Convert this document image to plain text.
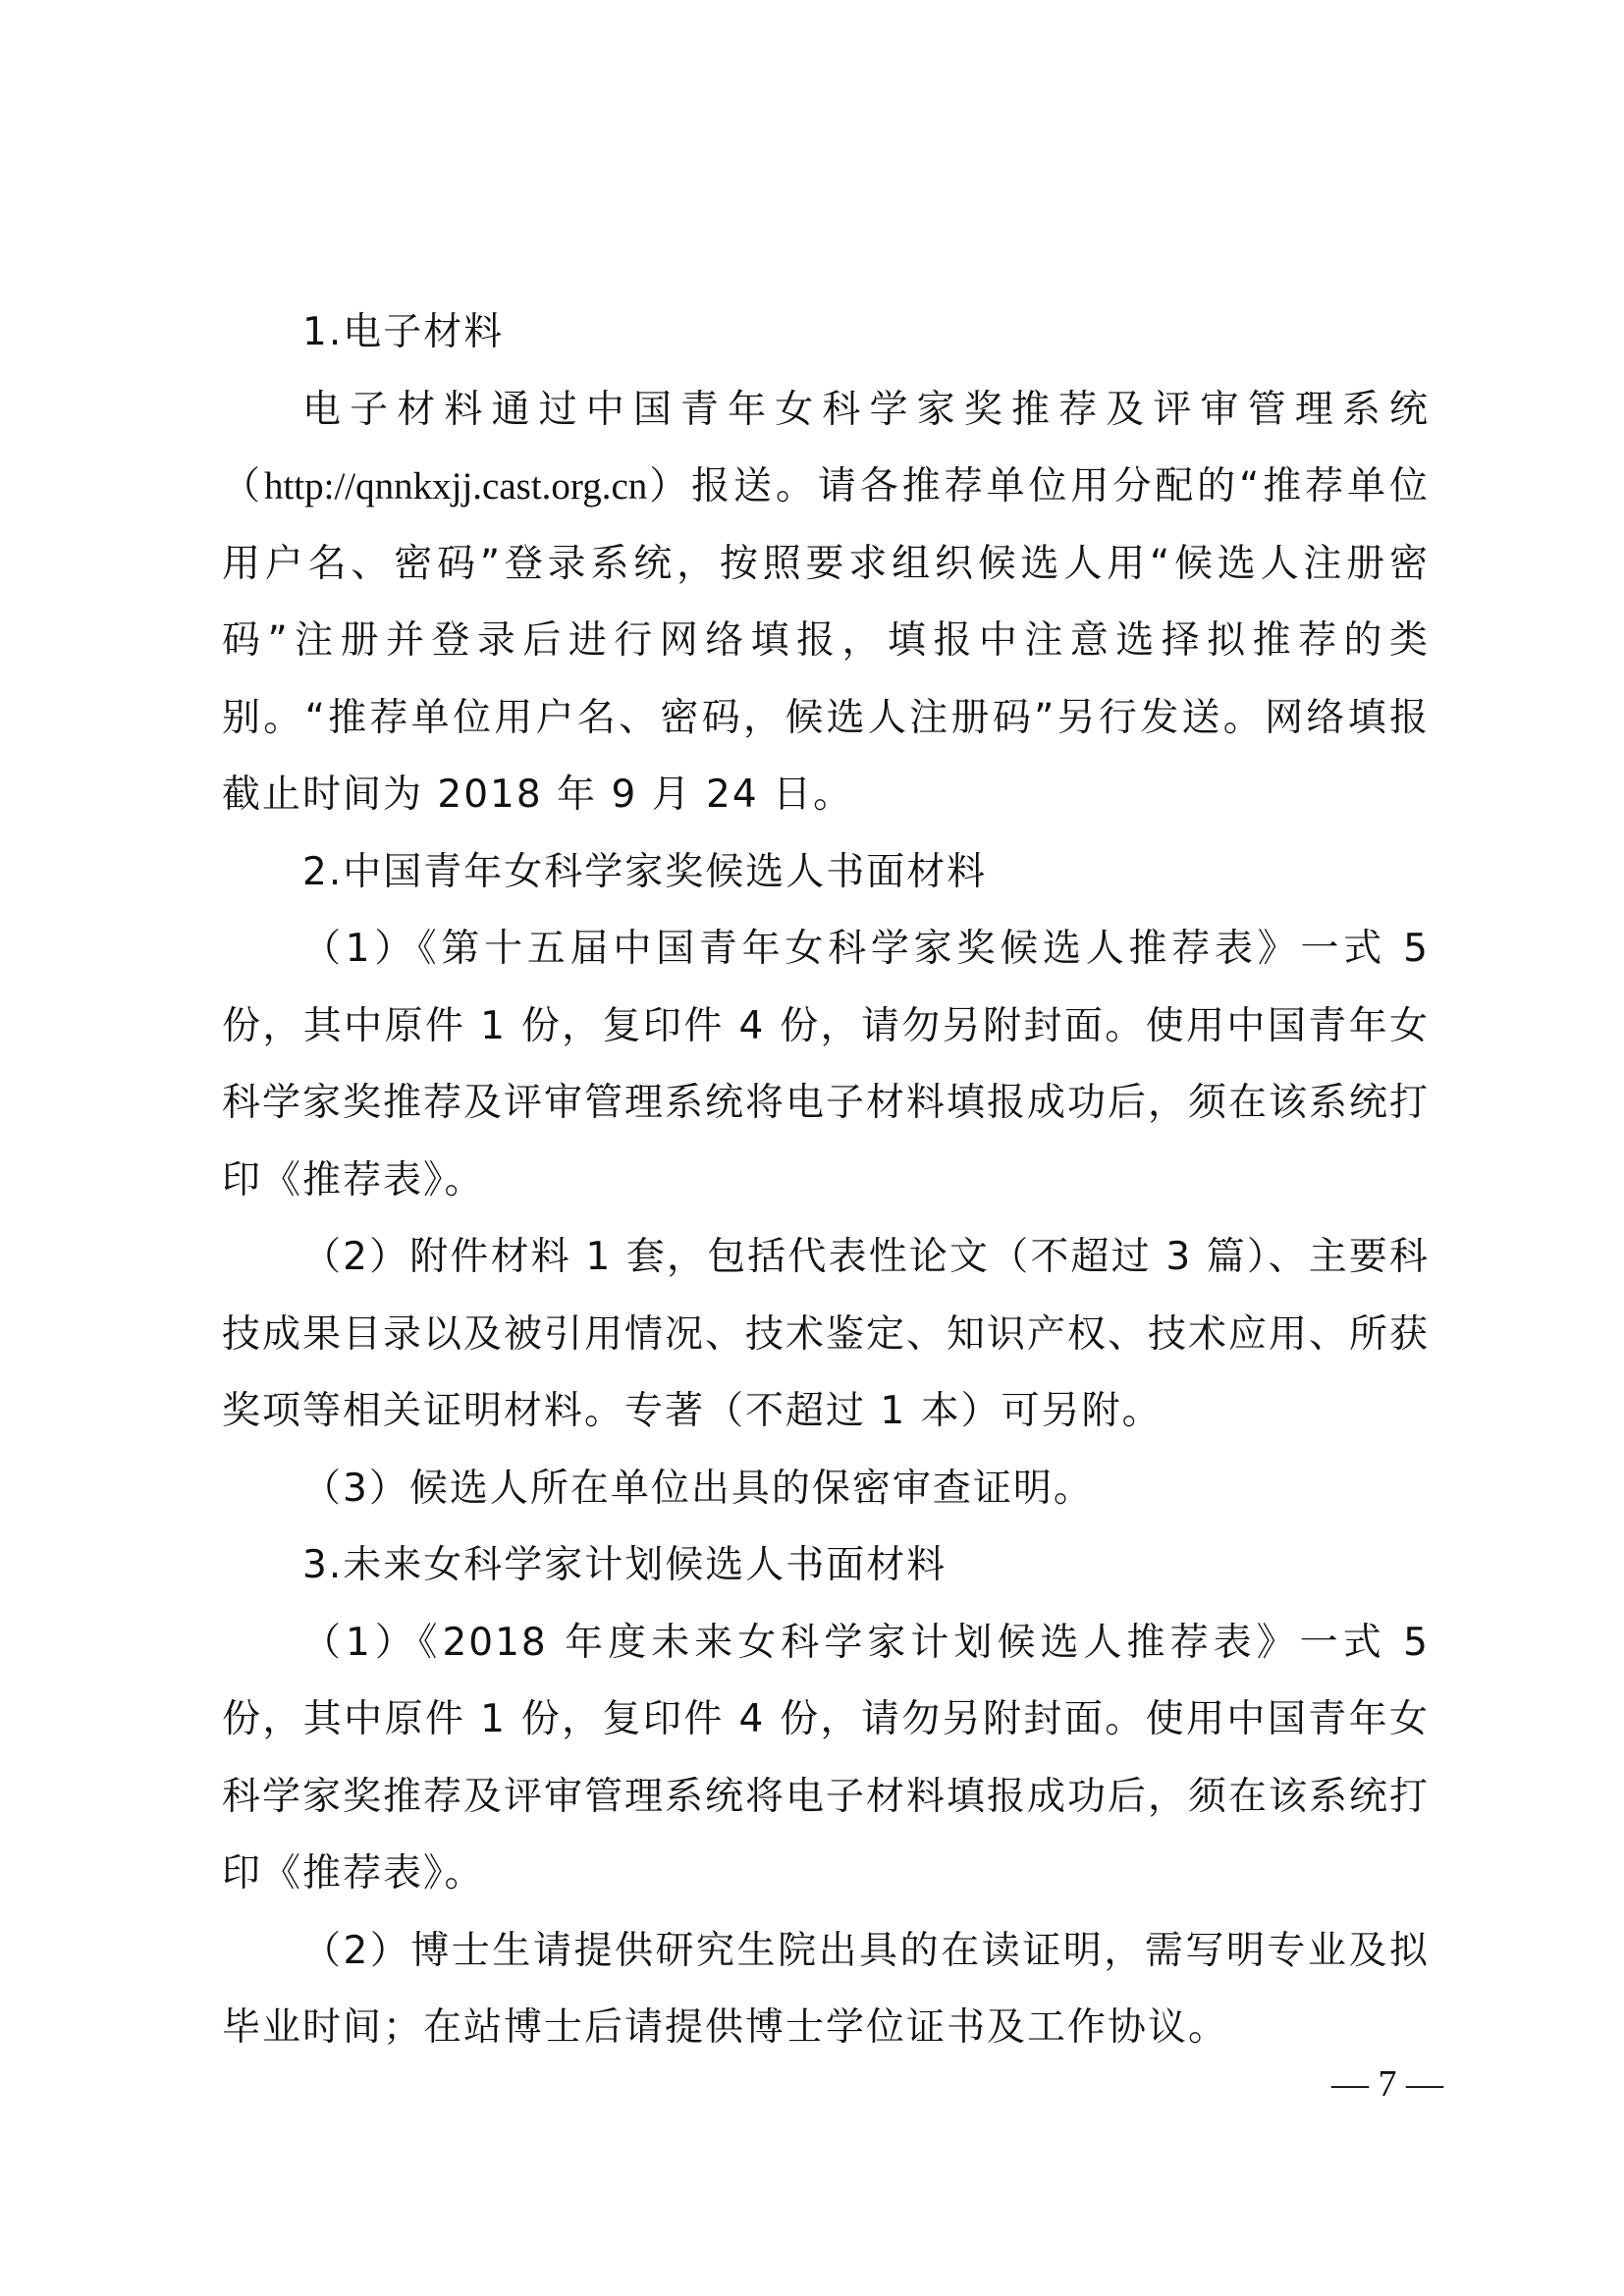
1.电子材料

电子材料通过中国青年女科学家奖推荐及评审管理系统（http://qnnkxjj.cast.org.cn）报送。请各推荐单位用分配的“推荐单位用户名、密码”登录系统，按照要求组织候选人用“候选人注册密码”注册并登录后进行网络填报，填报中注意选择拟推荐的类别。“推荐单位用户名、密码，候选人注册码”另行发送。网络填报截止时间为 2018 年 9 月 24 日。

2.中国青年女科学家奖候选人书面材料

（1）《第十五届中国青年女科学家奖候选人推荐表》一式 5 份，其中原件 1 份，复印件 4 份，请勿另附封面。使用中国青年女科学家奖推荐及评审管理系统将电子材料填报成功后，须在该系统打印《推荐表》。

（2）附件材料 1 套，包括代表性论文（不超过 3 篇）、主要科技成果目录以及被引用情况、技术鉴定、知识产权、技术应用、所获奖项等相关证明材料。专著（不超过 1 本）可另附。

（3）候选人所在单位出具的保密审查证明。

3.未来女科学家计划候选人书面材料

（1）《2018 年度未来女科学家计划候选人推荐表》一式 5 份，其中原件 1 份，复印件 4 份，请勿另附封面。使用中国青年女科学家奖推荐及评审管理系统将电子材料填报成功后，须在该系统打印《推荐表》。

（2）博士生请提供研究生院出具的在读证明，需写明专业及拟毕业时间；在站博士后请提供博士学位证书及工作协议。

— 7 —
